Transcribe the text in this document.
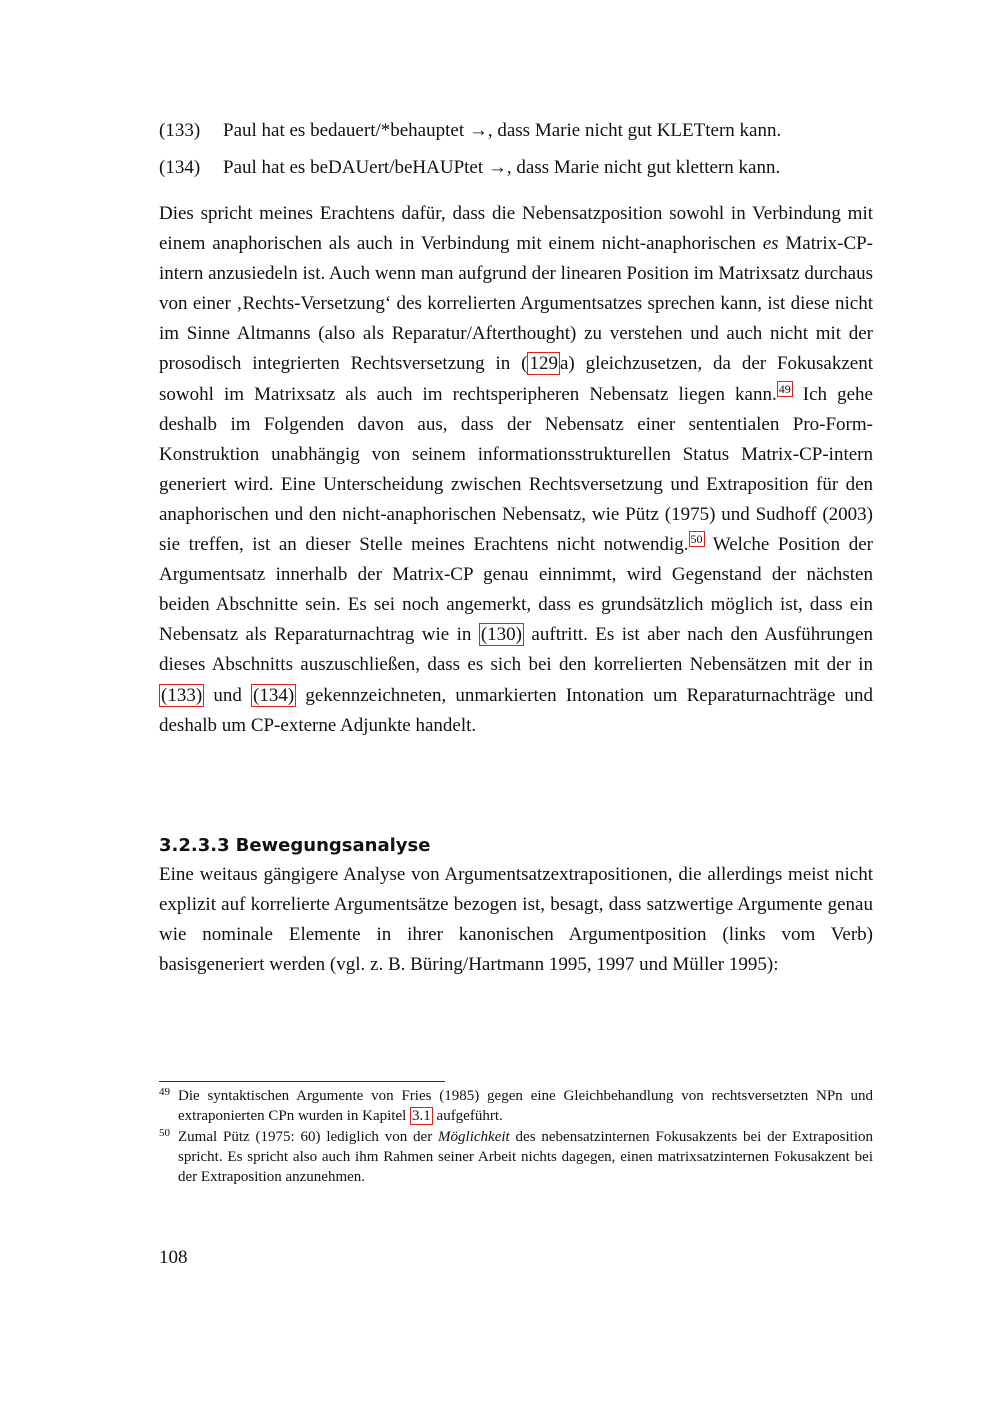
(133) Paul hat es bedauert/*behauptet →, dass Marie nicht gut KLETtern kann.
(134) Paul hat es beDAUert/beHAUPtet →, dass Marie nicht gut klettern kann.
Dies spricht meines Erachtens dafür, dass die Nebensatzposition sowohl in Verbindung mit einem anaphorischen als auch in Verbindung mit einem nicht-anaphorischen es Matrix-CP-intern anzusiedeln ist. Auch wenn man aufgrund der linearen Position im Matrixsatz durchaus von einer ‚Rechts-Versetzung‘ des korrelierten Argumentsatzes sprechen kann, ist diese nicht im Sinne Altmanns (also als Reparatur/Afterthought) zu verstehen und auch nicht mit der prosodisch integrierten Rechtsversetzung in ( 129 a) gleichzusetzen, da der Fokusakzent sowohl im Matrixsatz als auch im rechtsperipheren Nebensatz liegen kann. $^{49}$ Ich gehe deshalb im Folgenden davon aus, dass der Nebensatz einer sententialen Pro-Form-Konstruktion unabhängig von seinem informationsstrukturellen Status Matrix-CP-intern generiert wird. Eine Unterscheidung zwischen Rechtsversetzung und Extraposition für den anaphorischen und den nicht-anaphorischen Nebensatz, wie Pütz (1975) und Sudhoff (2003) sie treffen, ist an dieser Stelle meines Erachtens nicht notwendig. $^{50}$ Welche Position der Argumentsatz innerhalb der Matrix-CP genau einnimmt, wird Gegenstand der nächsten beiden Abschnitte sein. Es sei noch angemerkt, dass es grundsätzlich möglich ist, dass ein Nebensatz als Reparaturnachtrag wie in (130) auftritt. Es ist aber nach den Ausführungen dieses Abschnitts auszuschließen, dass es sich bei den korrelierten Nebensätzen mit der in (133) und (134) gekennzeichneten, unmarkierten Intonation um Reparaturnachträge und deshalb um CP-externe Adjunkte handelt.
3.2.3.3 Bewegungsanalyse
Eine weitaus gängigere Analyse von Argumentsatzextrapositionen, die allerdings meist nicht explizit auf korrelierte Argumentsätze bezogen ist, besagt, dass satzwertige Argumente genau wie nominale Elemente in ihrer kanonischen Argumentposition (links vom Verb) basisgeneriert werden (vgl. z. B. Büring/Hartmann 1995, 1997 und Müller 1995):
49 Die syntaktischen Argumente von Fries (1985) gegen eine Gleichbehandlung von rechtsversetzten NPn und extraponierten CPn wurden in Kapitel 3.1 aufgeführt.
50 Zumal Pütz (1975: 60) lediglich von der Möglichkeit des nebensatzinternen Fokusakzents bei der Extraposition spricht. Es spricht also auch ihm Rahmen seiner Arbeit nichts dagegen, einen matrixsatzinternen Fokusakzent bei der Extraposition anzunehmen.
108
